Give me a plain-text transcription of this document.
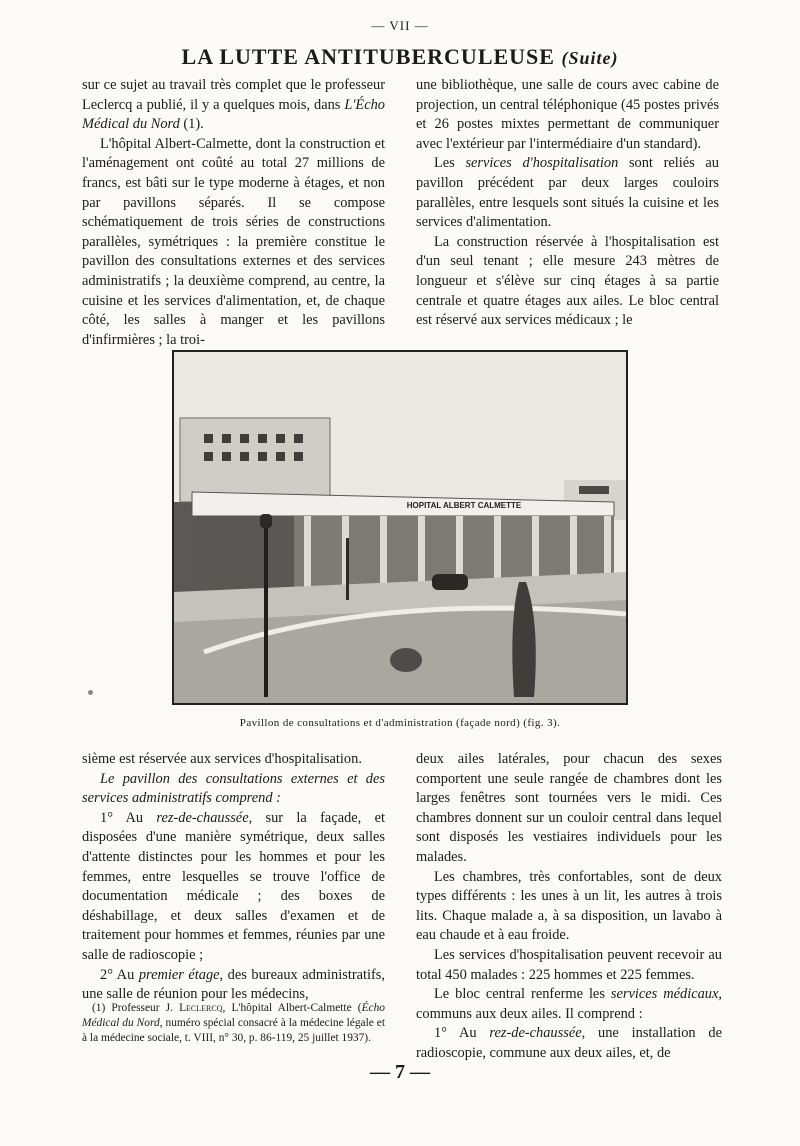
— VII —
LA LUTTE ANTITUBERCULEUSE (Suite)

sur ce sujet au travail très complet que le professeur Leclercq a publié, il y a quelques mois, dans L'Écho Médical du Nord (1).

L'hôpital Albert-Calmette, dont la construction et l'aménagement ont coûté au total 27 millions de francs, est bâti sur le type moderne à étages, et non par pavillons séparés. Il se compose schématiquement de trois séries de constructions parallèles, symétriques : la première constitue le pavillon des consultations externes et des services administratifs ; la deuxième comprend, au centre, la cuisine et les services d'alimentation, et, de chaque côté, les salles à manger et les pavillons d'infirmières ; la troi-

une bibliothèque, une salle de cours avec cabine de projection, un central téléphonique (45 postes privés et 26 postes mixtes permettant de communiquer avec l'extérieur par l'intermédiaire d'un standard).

Les services d'hospitalisation sont reliés au pavillon précédent par deux larges couloirs parallèles, entre lesquels sont situés la cuisine et les services d'alimentation.

La construction réservée à l'hospitalisation est d'un seul tenant ; elle mesure 243 mètres de longueur et s'élève sur cinq étages à sa partie centrale et quatre étages aux ailes. Le bloc central est réservé aux services médicaux ; le

HOPITAL ALBERT CALMETTE
Pavillon de consultations et d'administration (façade nord) (fig. 3).

sième est réservée aux services d'hospitalisation.

Le pavillon des consultations externes et des services administratifs comprend :

1° Au rez-de-chaussée, sur la façade, et disposées d'une manière symétrique, deux salles d'attente distinctes pour les hommes et pour les femmes, entre lesquelles se trouve l'office de documentation médicale ; des boxes de déshabillage, et deux salles d'examen et de traitement pour hommes et femmes, réunies par une salle de radioscopie ;

2° Au premier étage, des bureaux administratifs, une salle de réunion pour les médecins,

(1) Professeur J. Leclercq, L'hôpital Albert-Calmette (Écho Médical du Nord, numéro spécial consacré à la médecine légale et à la médecine sociale, t. VIII, n° 30, p. 86-119, 25 juillet 1937).

deux ailes latérales, pour chacun des sexes comportent une seule rangée de chambres dont les larges fenêtres sont tournées vers le midi. Ces chambres donnent sur un couloir central dans lequel sont disposés les vestiaires individuels pour les malades.

Les chambres, très confortables, sont de deux types différents : les unes à un lit, les autres à trois lits. Chaque malade a, à sa disposition, un lavabo à eau chaude et à eau froide.

Les services d'hospitalisation peuvent recevoir au total 450 malades : 225 hommes et 225 femmes.

Le bloc central renferme les services médicaux, communs aux deux ailes. Il comprend :

1° Au rez-de-chaussée, une installation de radioscopie, commune aux deux ailes, et, de

— 7 —
